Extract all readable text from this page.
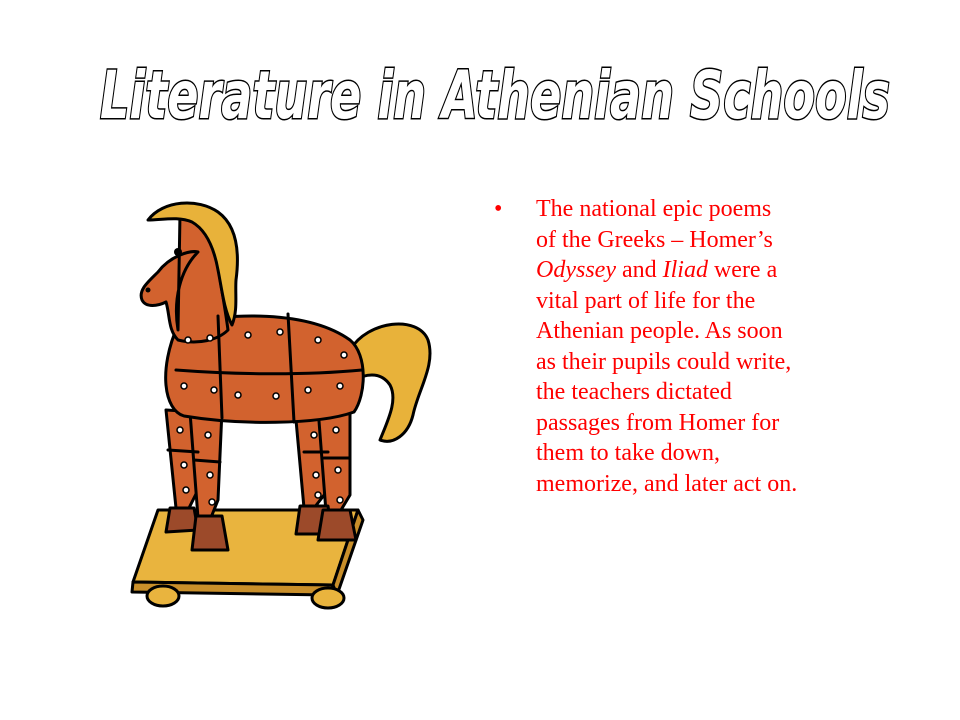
Literature in Athenian Schools
•	The national epic poems
of the Greeks – Homer’s
Odyssey and Iliad were a
vital part of life for the
Athenian people. As soon
as their pupils could write,
the teachers dictated
passages from Homer for
them to take down,
memorize, and later act on.
